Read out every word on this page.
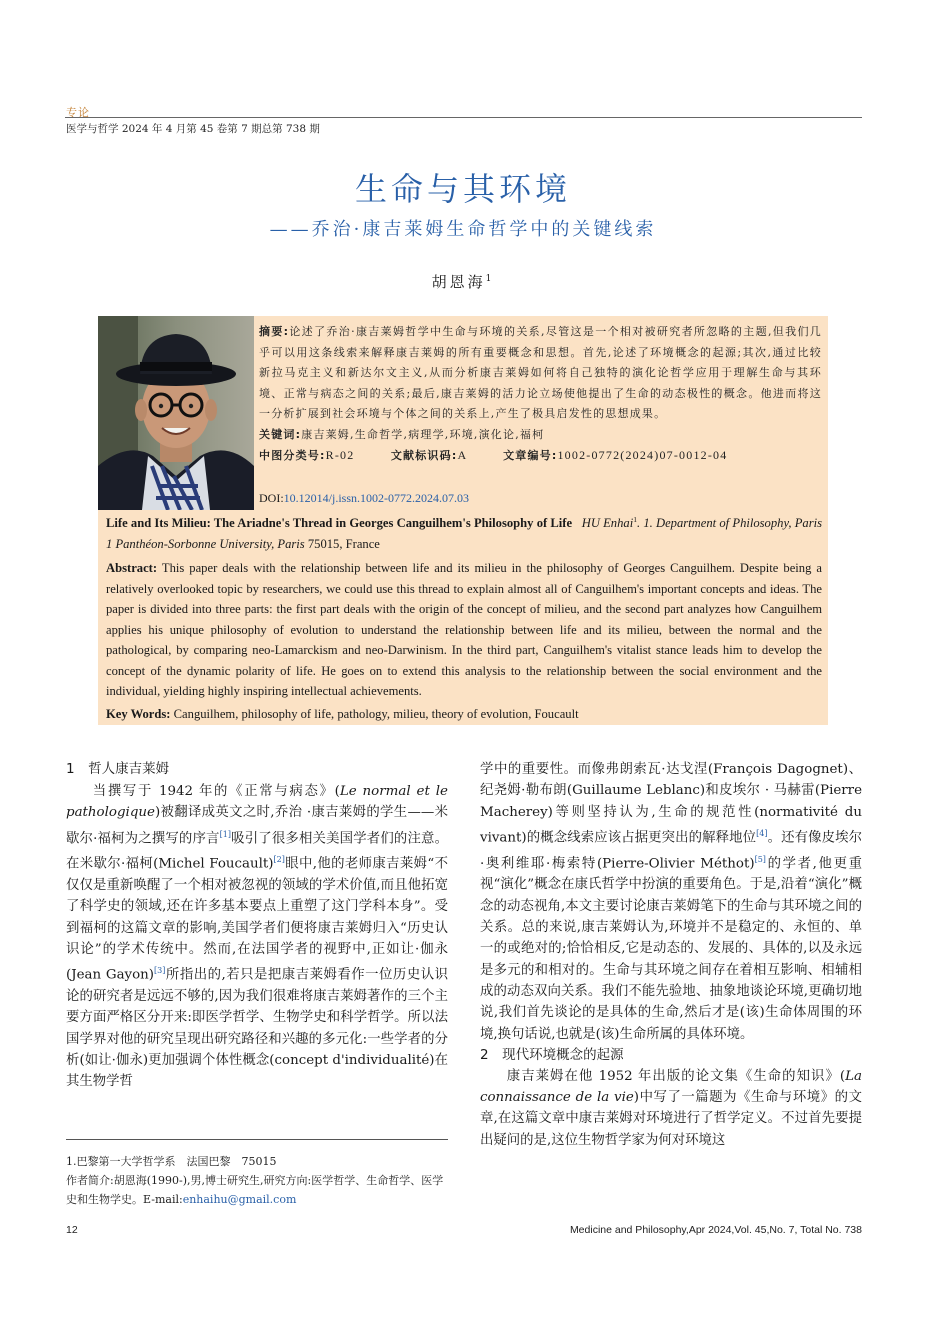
专论
医学与哲学 2024 年 4 月第 45 卷第 7 期总第 738 期
生命与其环境
——乔治·康吉莱姆生命哲学中的关键线索
胡恩海$^1$

摘要:论述了乔治·康吉莱姆哲学中生命与环境的关系,尽管这是一个相对被研究者所忽略的主题,但我们几乎可以用这条线索来解释康吉莱姆的所有重要概念和思想。首先,论述了环境概念的起源;其次,通过比较新拉马克主义和新达尔文主义,从而分析康吉莱姆如何将自己独特的演化论哲学应用于理解生命与其环境、正常与病态之间的关系;最后,康吉莱姆的活力论立场使他提出了生命的动态极性的概念。他进而将这一分析扩展到社会环境与个体之间的关系上,产生了极具启发性的思想成果。

关键词:康吉莱姆,生命哲学,病理学,环境,演化论,福柯

中图分类号:R-02	文献标识码:A	文章编号:1002-0772(2024)07-0012-04

DOI:10.12014/j.issn.1002-0772.2024.07.03

Life and Its Milieu: The Ariadne's Thread in Georges Canguilhem's Philosophy of Life HU Enhai$^1$. 1. Department of Philosophy, Paris 1 Panthéon-Sorbonne University, Paris 75015, France

Abstract: This paper deals with the relationship between life and its milieu in the philosophy of Georges Canguilhem. Despite being a relatively overlooked topic by researchers, we could use this thread to explain almost all of Canguilhem's important concepts and ideas. The paper is divided into three parts: the first part deals with the origin of the concept of milieu, and the second part analyzes how Canguilhem applies his unique philosophy of evolution to understand the relationship between life and its milieu, between the normal and the pathological, by comparing neo-Lamarckism and neo-Darwinism. In the third part, Canguilhem's vitalist stance leads him to develop the concept of the dynamic polarity of life. He goes on to extend this analysis to the relationship between the social environment and the individual, yielding highly inspiring intellectual achievements.

Key Words: Canguilhem, philosophy of life, pathology, milieu, theory of evolution, Foucault

1　哲人康吉莱姆

当撰写于 1942 年的《正常与病态》(Le normal et le pathologique)被翻译成英文之时,乔治 ·康吉莱姆的学生——米歇尔·福柯为之撰写的序言[1]吸引了很多相关美国学者们的注意。在米歇尔·福柯(Michel Foucault)[2]眼中,他的老师康吉莱姆“不仅仅是重新唤醒了一个相对被忽视的领域的学术价值,而且他拓宽了科学史的领域,还在许多基本要点上重塑了这门学科本身”。受到福柯的这篇文章的影响,美国学者们便将康吉莱姆归入“历史认识论”的学术传统中。然而,在法国学者的视野中,正如让·伽永(Jean Gayon)[3]所指出的,若只是把康吉莱姆看作一位历史认识论的研究者是远远不够的,因为我们很难将康吉莱姆著作的三个主要方面严格区分开来:即医学哲学、生物学史和科学哲学。所以法国学界对他的研究呈现出研究路径和兴趣的多元化:一些学者的分析(如让·伽永)更加强调个体性概念(concept d'individualité)在其生物学哲

1.巴黎第一大学哲学系　法国巴黎　75015

作者简介:胡恩海(1990-),男,博士研究生,研究方向:医学哲学、生命哲学、医学史和生物学史。E-mail:enhaihu@gmail.com

学中的重要性。而像弗朗索瓦·达戈涅(François Dagognet)、纪尧姆·勒布朗(Guillaume Leblanc)和皮埃尔 · 马赫雷(Pierre Macherey)等则坚持认为,生命的规范性(normativité du vivant)的概念线索应该占据更突出的解释地位[4]。还有像皮埃尔·奥利维耶·梅索特(Pierre-Olivier Méthot)[5]的学者,他更重视“演化”概念在康氏哲学中扮演的重要角色。于是,沿着“演化”概念的动态视角,本文主要讨论康吉莱姆笔下的生命与其环境之间的关系。总的来说,康吉莱姆认为,环境并不是稳定的、永恒的、单一的或绝对的;恰恰相反,它是动态的、发展的、具体的,以及永远是多元的和相对的。生命与其环境之间存在着相互影响、相辅相成的动态双向关系。我们不能先验地、抽象地谈论环境,更确切地说,我们首先谈论的是具体的生命,然后才是(该)生命体周围的环境,换句话说,也就是(该)生命所属的具体环境。

2　现代环境概念的起源

康吉莱姆在他 1952 年出版的论文集《生命的知识》(La connaissance de la vie)中写了一篇题为《生命与环境》的文章,在这篇文章中康吉莱姆对环境进行了哲学定义。不过首先要提出疑问的是,这位生物哲学家为何对环境这

12	Medicine and Philosophy,Apr 2024,Vol. 45,No. 7, Total No. 738
